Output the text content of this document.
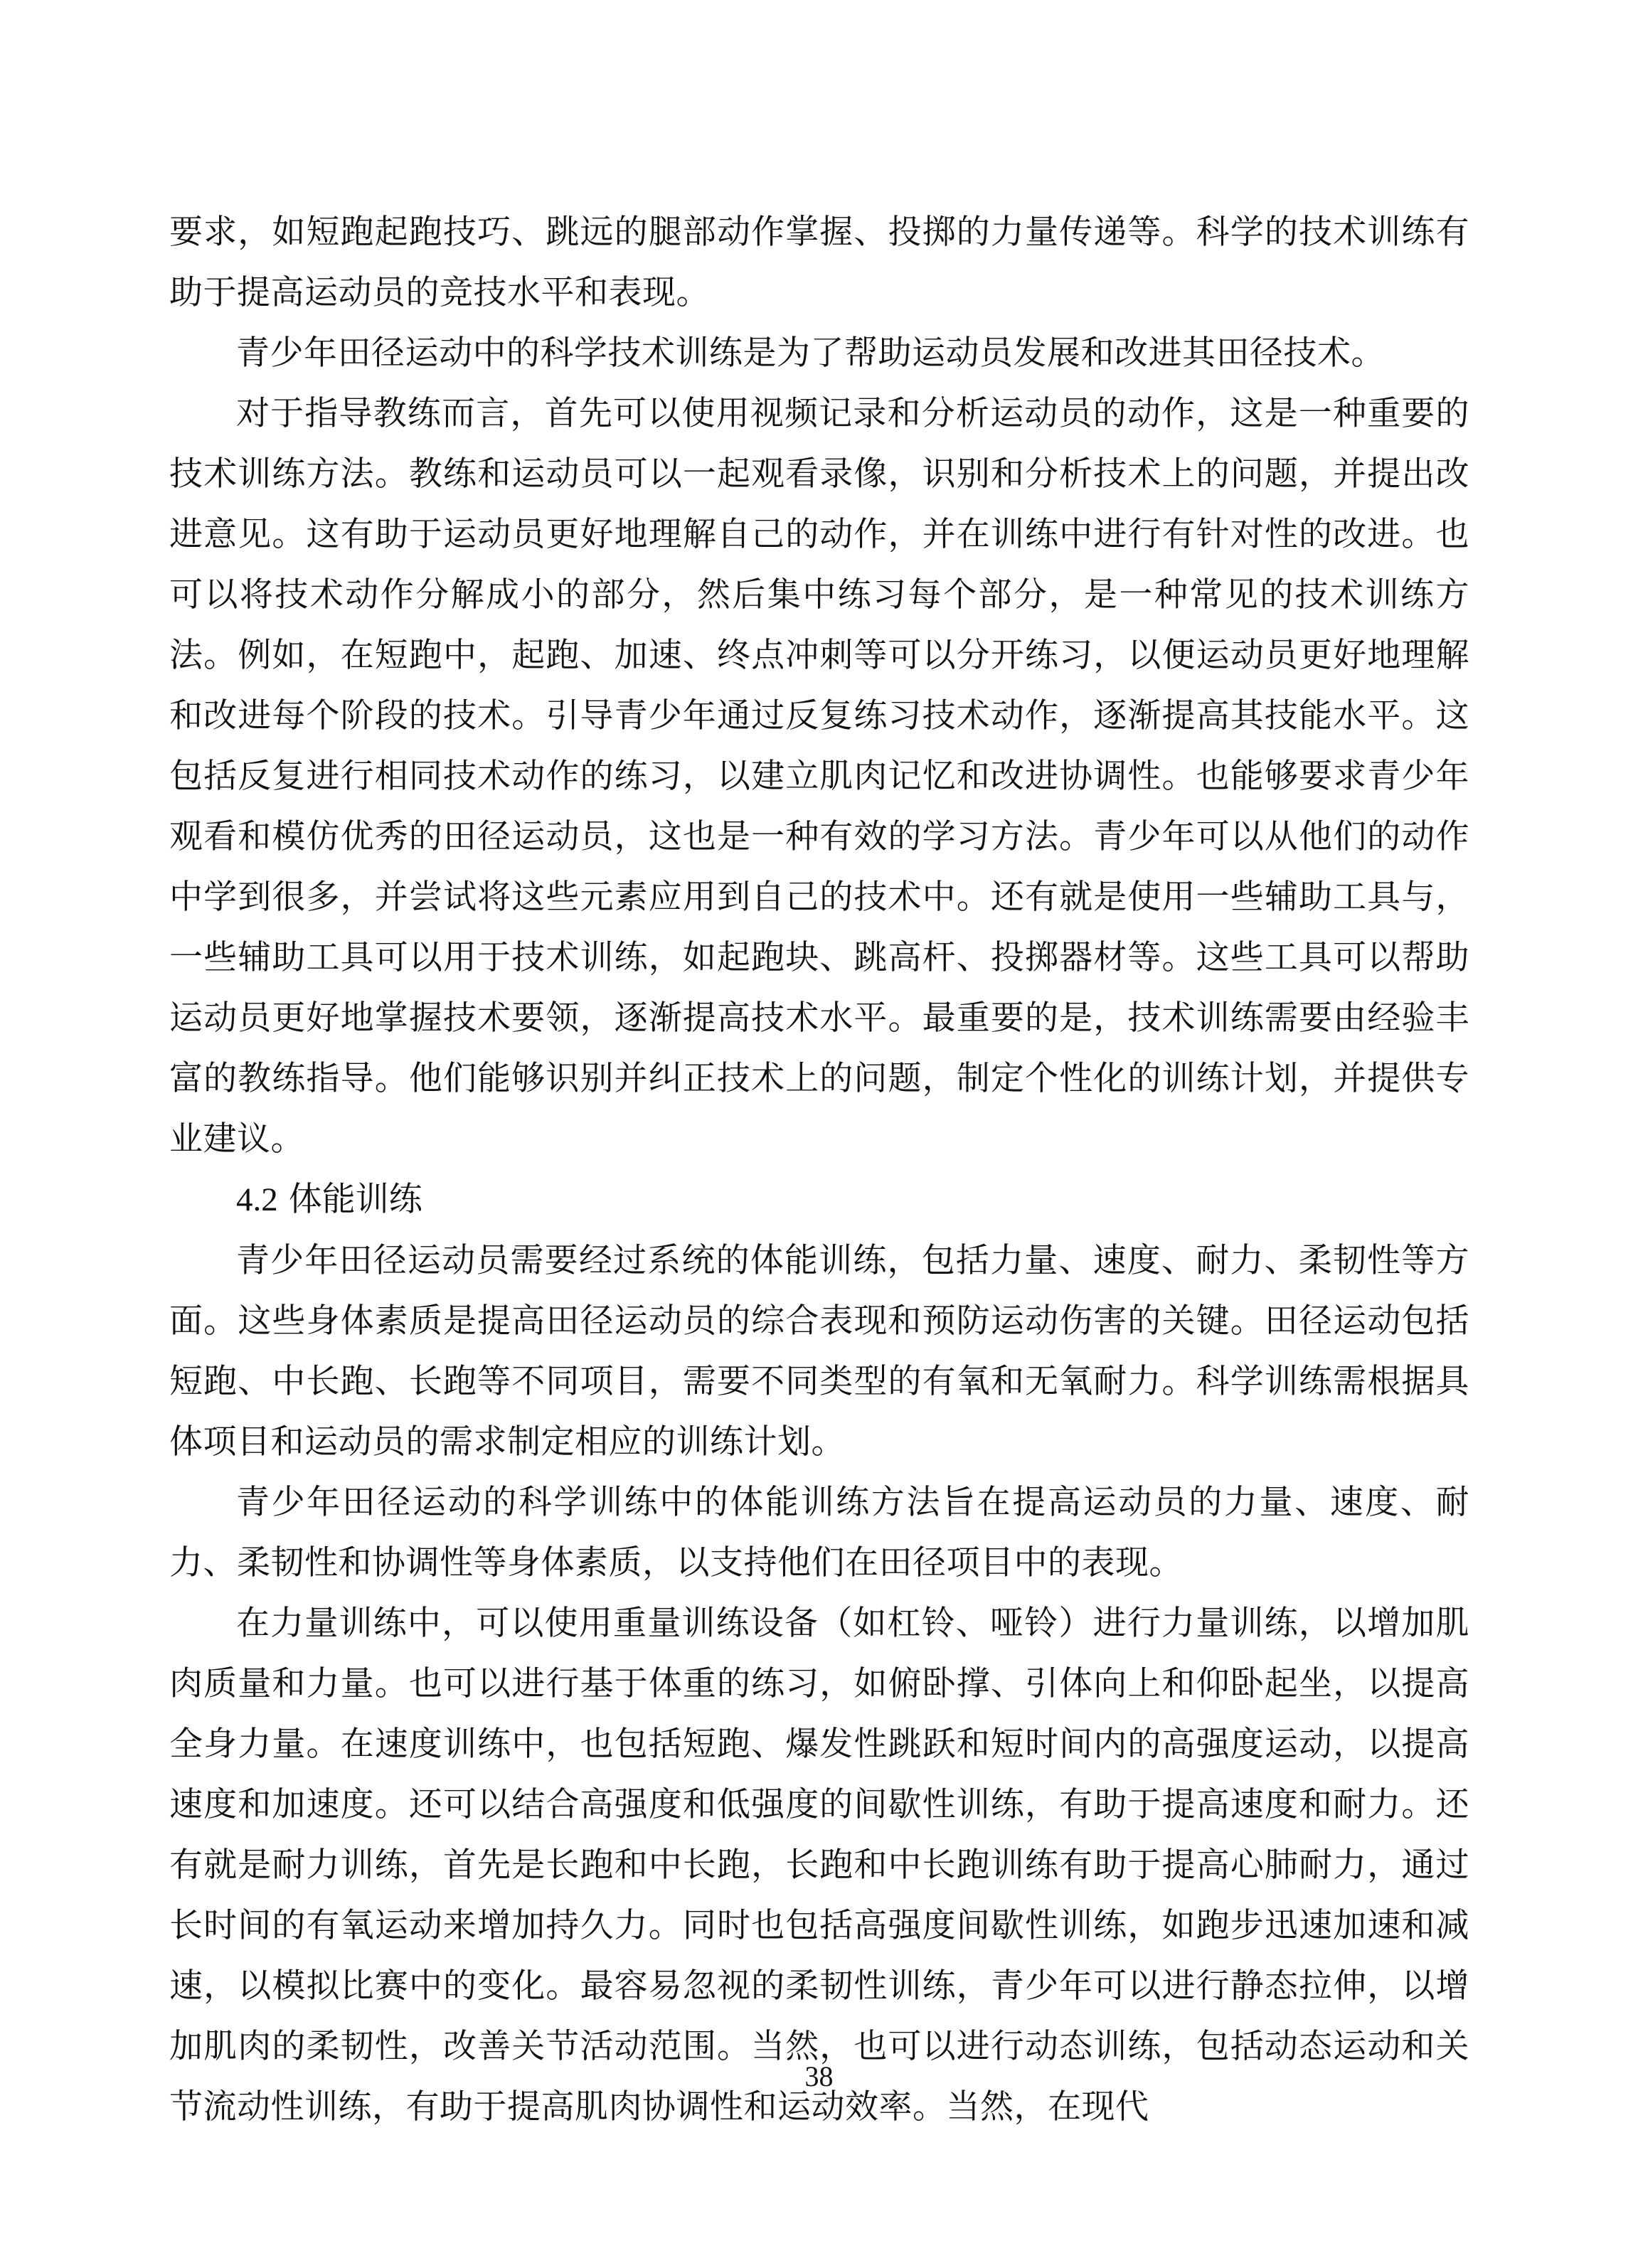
要求，如短跑起跑技巧、跳远的腿部动作掌握、投掷的力量传递等。科学的技术训练有助于提高运动员的竞技水平和表现。

青少年田径运动中的科学技术训练是为了帮助运动员发展和改进其田径技术。

对于指导教练而言，首先可以使用视频记录和分析运动员的动作，这是一种重要的技术训练方法。教练和运动员可以一起观看录像，识别和分析技术上的问题，并提出改进意见。这有助于运动员更好地理解自己的动作，并在训练中进行有针对性的改进。也可以将技术动作分解成小的部分，然后集中练习每个部分，是一种常见的技术训练方法。例如，在短跑中，起跑、加速、终点冲刺等可以分开练习，以便运动员更好地理解和改进每个阶段的技术。引导青少年通过反复练习技术动作，逐渐提高其技能水平。这包括反复进行相同技术动作的练习，以建立肌肉记忆和改进协调性。也能够要求青少年观看和模仿优秀的田径运动员，这也是一种有效的学习方法。青少年可以从他们的动作中学到很多，并尝试将这些元素应用到自己的技术中。还有就是使用一些辅助工具与，一些辅助工具可以用于技术训练，如起跑块、跳高杆、投掷器材等。这些工具可以帮助运动员更好地掌握技术要领，逐渐提高技术水平。最重要的是，技术训练需要由经验丰富的教练指导。他们能够识别并纠正技术上的问题，制定个性化的训练计划，并提供专业建议。

4.2 体能训练

青少年田径运动员需要经过系统的体能训练，包括力量、速度、耐力、柔韧性等方面。这些身体素质是提高田径运动员的综合表现和预防运动伤害的关键。田径运动包括短跑、中长跑、长跑等不同项目，需要不同类型的有氧和无氧耐力。科学训练需根据具体项目和运动员的需求制定相应的训练计划。

青少年田径运动的科学训练中的体能训练方法旨在提高运动员的力量、速度、耐力、柔韧性和协调性等身体素质，以支持他们在田径项目中的表现。

在力量训练中，可以使用重量训练设备（如杠铃、哑铃）进行力量训练，以增加肌肉质量和力量。也可以进行基于体重的练习，如俯卧撑、引体向上和仰卧起坐，以提高全身力量。在速度训练中，也包括短跑、爆发性跳跃和短时间内的高强度运动，以提高速度和加速度。还可以结合高强度和低强度的间歇性训练，有助于提高速度和耐力。还有就是耐力训练，首先是长跑和中长跑，长跑和中长跑训练有助于提高心肺耐力，通过长时间的有氧运动来增加持久力。同时也包括高强度间歇性训练，如跑步迅速加速和减速，以模拟比赛中的变化。最容易忽视的柔韧性训练，青少年可以进行静态拉伸，以增加肌肉的柔韧性，改善关节活动范围。当然，也可以进行动态训练，包括动态运动和关节流动性训练，有助于提高肌肉协调性和运动效率。当然，在现代

38
